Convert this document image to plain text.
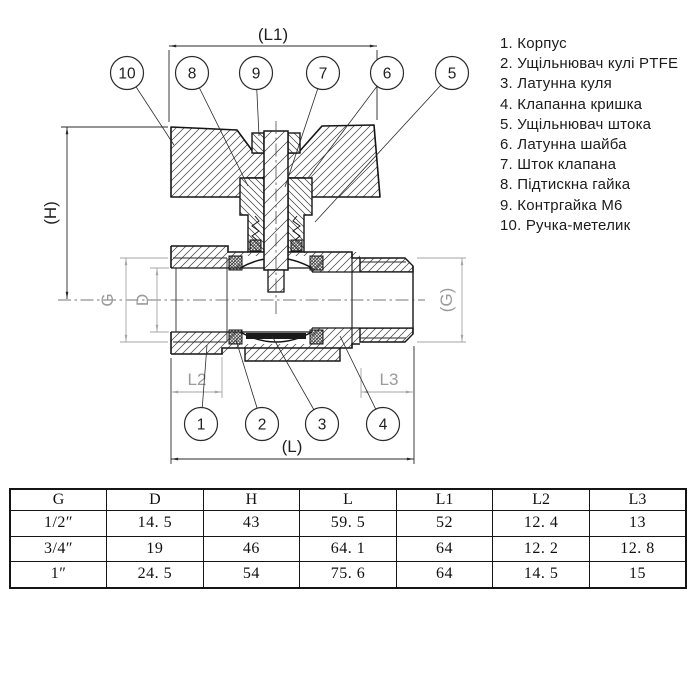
(L1)
(L)
(H)
G D	(G)
L2	L3
10	8	9	7	6	5
1	2	3	4
1. Корпус
2. Ущільнювач кулі PTFE
3. Латунна куля
4. Клапанна кришка
5. Ущільнювач штока
6. Латунна шайба
7. Шток клапана
8. Підтискна гайка
9. Контргайка М6
10. Ручка-метелик
G	D	H	L	L1	L2	L3
1/2″	14. 5	43	59. 5	52	12. 4	13
3/4″	19	46	64. 1	64	12. 2	12. 8
1″	24. 5	54	75. 6	64	14. 5	15
